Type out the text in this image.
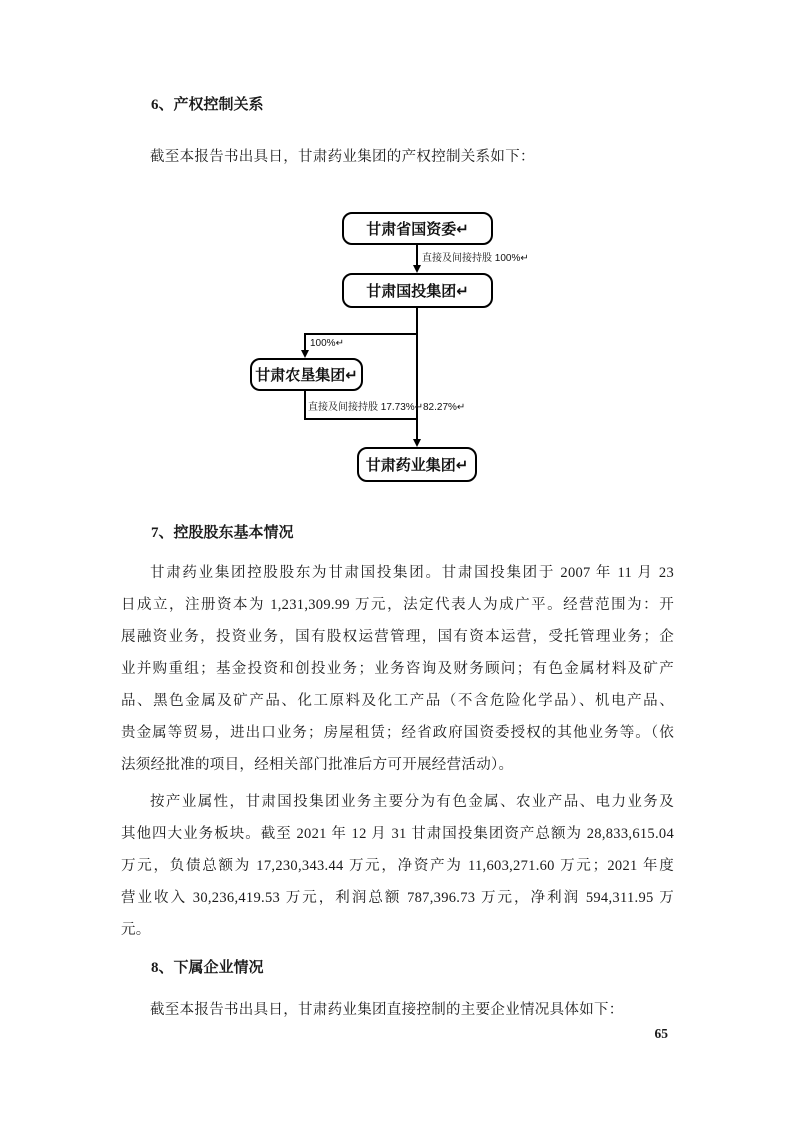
6、产权控制关系
截至本报告书出具日，甘肃药业集团的产权控制关系如下：
甘肃省国资委↵
直接及间接持股 100%↵
甘肃国投集团↵
100%↵
甘肃农垦集团↵
直接及间接持股 17.73%↵ 82.27%↵
甘肃药业集团↵
7、控股股东基本情况
甘肃药业集团控股股东为甘肃国投集团。甘肃国投集团于 2007 年 11 月 23
日成立，注册资本为 1,231,309.99 万元，法定代表人为成广平。经营范围为：开
展融资业务，投资业务，国有股权运营管理，国有资本运营，受托管理业务；企
业并购重组；基金投资和创投业务；业务咨询及财务顾问；有色金属材料及矿产
品、黑色金属及矿产品、化工原料及化工产品（不含危险化学品）、机电产品、
贵金属等贸易，进出口业务；房屋租赁；经省政府国资委授权的其他业务等。（依
法须经批准的项目，经相关部门批准后方可开展经营活动）。
按产业属性，甘肃国投集团业务主要分为有色金属、农业产品、电力业务及
其他四大业务板块。截至 2021 年 12 月 31 甘肃国投集团资产总额为 28,833,615.04
万元，负债总额为 17,230,343.44 万元，净资产为 11,603,271.60 万元；2021 年度
营业收入 30,236,419.53 万元，利润总额 787,396.73 万元，净利润 594,311.95 万
元。
8、下属企业情况
截至本报告书出具日，甘肃药业集团直接控制的主要企业情况具体如下：
65
